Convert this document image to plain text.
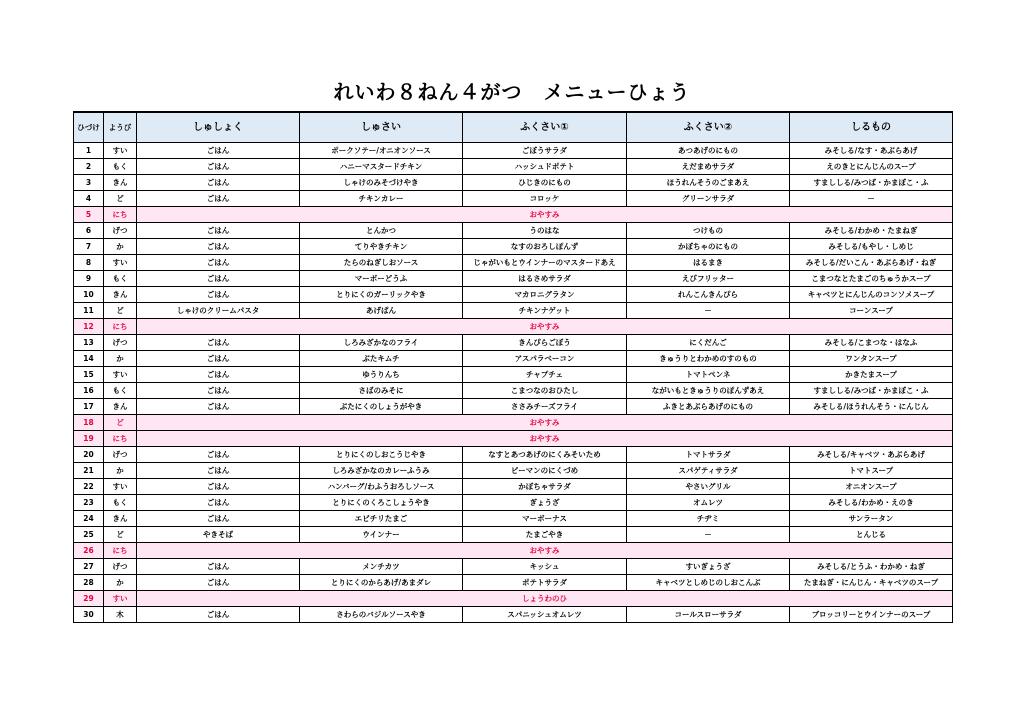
れいわ８ねん４がつ　メニューひょう
ひづけ	ようび	しゅしょく	しゅさい	ふくさい①	ふくさい②	しるもの
1	すい	ごはん	ポークソテー/オニオンソース	ごぼうサラダ	あつあげのにもの	みそしる/なす・あぶらあげ
2	もく	ごはん	ハニーマスタードチキン	ハッシュドポテト	えだまめサラダ	えのきとにんじんのスープ
3	きん	ごはん	しゃけのみそづけやき	ひじきのにもの	ほうれんそうのごまあえ	すまししる/みつば・かまぼこ・ふ
4	ど	ごはん	チキンカレー	コロッケ	グリーンサラダ	－
5	にち	おやすみ				
6	げつ	ごはん	とんかつ	うのはな	つけもの	みそしる/わかめ・たまねぎ
7	か	ごはん	てりやきチキン	なすのおろしぽんず	かぼちゃのにもの	みそしる/もやし・しめじ
8	すい	ごはん	たらのねぎしおソース	じゃがいもとウインナーのマスタードあえ	はるまき	みそしる/だいこん・あぶらあげ・ねぎ
9	もく	ごはん	マーボーどうふ	はるさめサラダ	えびフリッター	こまつなとたまごのちゅうかスープ
10	きん	ごはん	とりにくのガーリックやき	マカロニグラタン	れんこんきんぴら	キャベツとにんじんのコンソメスープ
11	ど	しゃけのクリームパスタ	あげぱん	チキンナゲット	－	コーンスープ
12	にち	おやすみ				
13	げつ	ごはん	しろみざかなのフライ	きんぴらごぼう	にくだんご	みそしる/こまつな・はなふ
14	か	ごはん	ぶたキムチ	アスパラベーコン	きゅうりとわかめのすのもの	ワンタンスープ
15	すい	ごはん	ゆうりんち	チャプチェ	トマトペンネ	かきたまスープ
16	もく	ごはん	さばのみそに	こまつなのおひたし	ながいもときゅうりのぽんずあえ	すまししる/みつば・かまぼこ・ふ
17	きん	ごはん	ぶたにくのしょうがやき	ささみチーズフライ	ふきとあぶらあげのにもの	みそしる/ほうれんそう・にんじん
18	ど	おやすみ				
19	にち	おやすみ				
20	げつ	ごはん	とりにくのしおこうじやき	なすとあつあげのにくみそいため	トマトサラダ	みそしる/キャベツ・あぶらあげ
21	か	ごはん	しろみざかなのカレーふうみ	ピーマンのにくづめ	スパゲティサラダ	トマトスープ
22	すい	ごはん	ハンバーグ/わふうおろしソース	かぼちゃサラダ	やさいグリル	オニオンスープ
23	もく	ごはん	とりにくのくろこしょうやき	ぎょうざ	オムレツ	みそしる/わかめ・えのき
24	きん	ごはん	エビチリたまご	マーボーナス	チヂミ	サンラータン
25	ど	やきそば	ウインナー	たまごやき	－	とんじる
26	にち	おやすみ				
27	げつ	ごはん	メンチカツ	キッシュ	すいぎょうざ	みそしる/とうふ・わかめ・ねぎ
28	か	ごはん	とりにくのからあげ/あまダレ	ポテトサラダ	キャベツとしめじのしおこんぶ	たまねぎ・にんじん・キャベツのスープ
29	すい	しょうわのひ				
30	木	ごはん	さわらのバジルソースやき	スパニッシュオムレツ	コールスローサラダ	ブロッコリーとウインナーのスープ
